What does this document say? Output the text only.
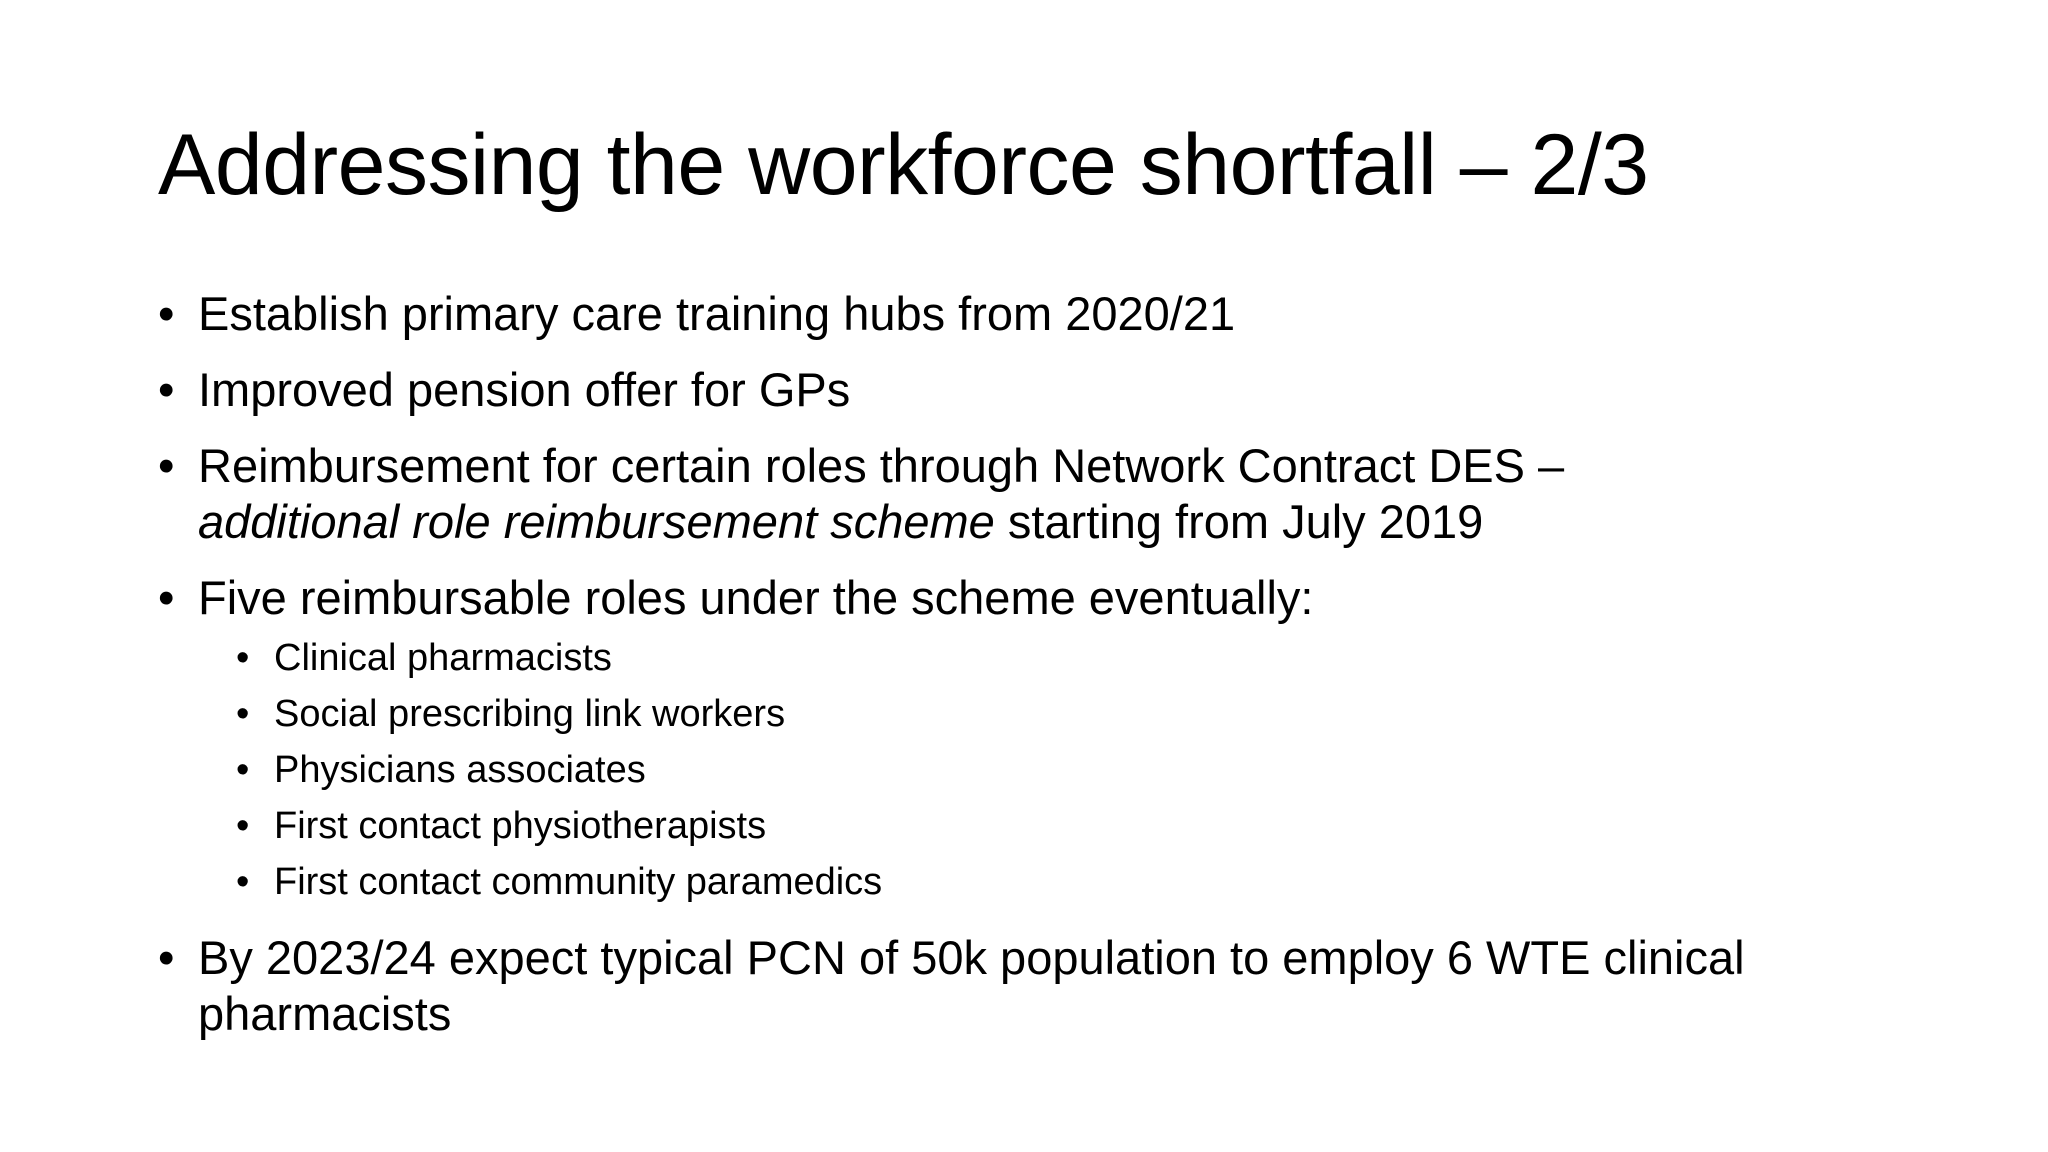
Addressing the workforce shortfall – 2/3
• Establish primary care training hubs from 2020/21
• Improved pension offer for GPs
• Reimbursement for certain roles through Network Contract DES –
additional role reimbursement scheme starting from July 2019
• Five reimbursable roles under the scheme eventually:
• Clinical pharmacists
• Social prescribing link workers
• Physicians associates
• First contact physiotherapists
• First contact community paramedics
• By 2023/24 expect typical PCN of 50k population to employ 6 WTE clinical pharmacists
